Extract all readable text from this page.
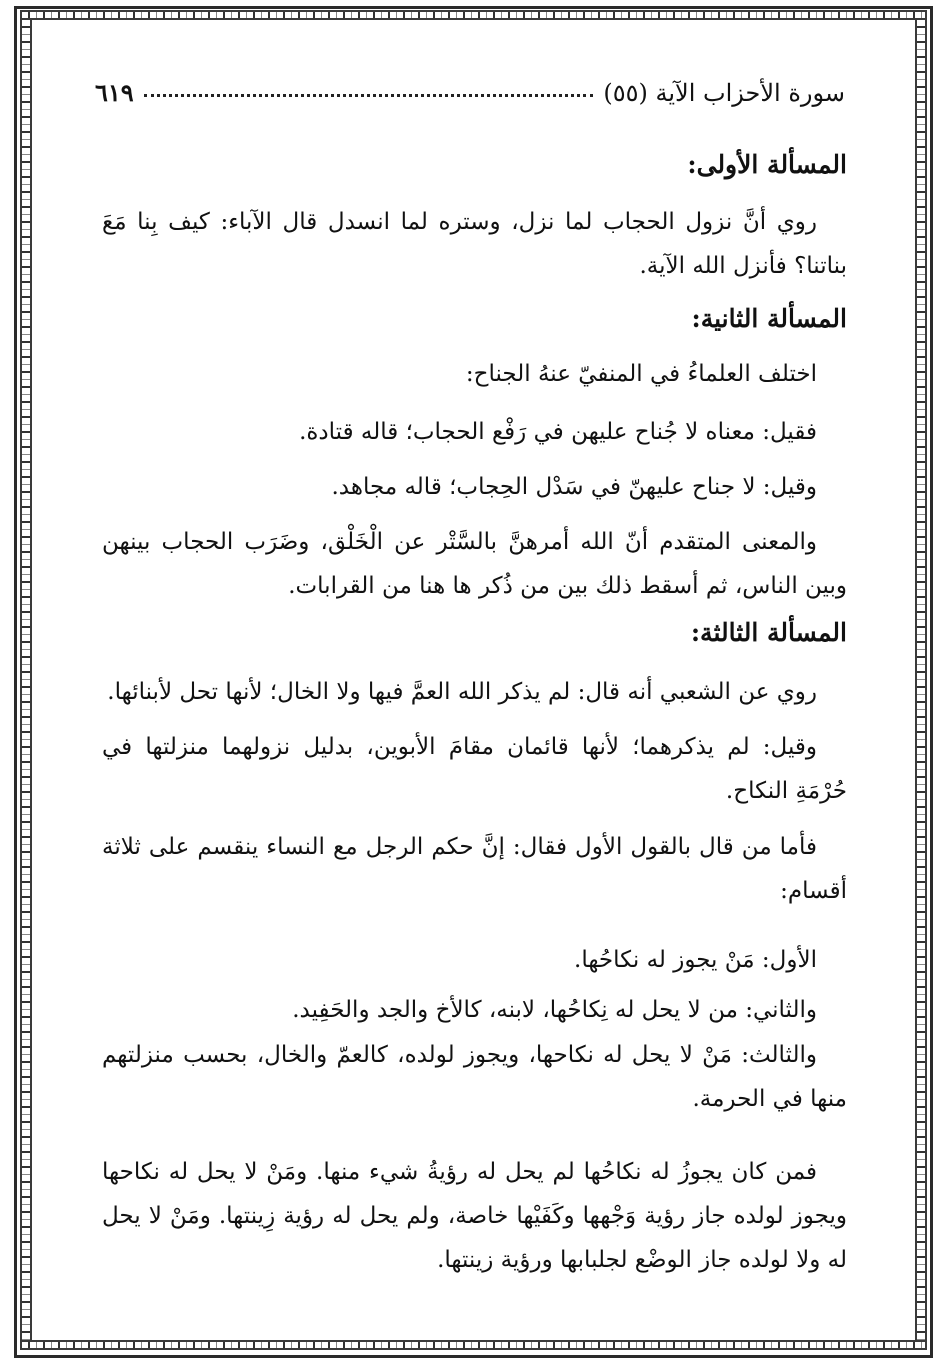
سورة الأحزاب الآية (٥٥)
٦١٩
المسألة الأولى:
روي أنَّ نزول الحجاب لما نزل، وستره لما انسدل قال الآباء: كيف بِنا مَعَ بناتنا؟ فأنزل الله الآية.
المسألة الثانية:
اختلف العلماءُ في المنفيّ عنهُ الجناح:
فقيل: معناه لا جُناح عليهن في رَفْع الحجاب؛ قاله قتادة.
وقيل: لا جناح عليهنّ في سَدْل الحِجاب؛ قاله مجاهد.
والمعنى المتقدم أنّ الله أمرهنَّ بالسَّتْر عن الْخَلْق، وضَرَب الحجاب بينهن وبين الناس، ثم أسقط ذلك بين من ذُكر ها هنا من القرابات.
المسألة الثالثة:
روي عن الشعبي أنه قال: لم يذكر الله العمَّ فيها ولا الخال؛ لأنها تحل لأبنائها.
وقيل: لم يذكرهما؛ لأنها قائمان مقامَ الأبوين، بدليل نزولهما منزلتها في حُرْمَةِ النكاح.
فأما من قال بالقول الأول فقال: إنَّ حكم الرجل مع النساء ينقسم على ثلاثة أقسام:
الأول: مَنْ يجوز له نكاحُها.
والثاني: من لا يحل له نِكاحُها، لابنه، كالأخ والجد والحَفِيد.
والثالث: مَنْ لا يحل له نكاحها، ويجوز لولده، كالعمّ والخال، بحسب منزلتهم منها في الحرمة.
فمن كان يجوزُ له نكاحُها لم يحل له رؤيةُ شيء منها. ومَنْ لا يحل له نكاحها ويجوز لولده جاز رؤية وَجْهها وكَفَيْها خاصة، ولم يحل له رؤية زِينتها. ومَنْ لا يحل له ولا لولده جاز الوضْع لجلبابها ورؤية زينتها.
